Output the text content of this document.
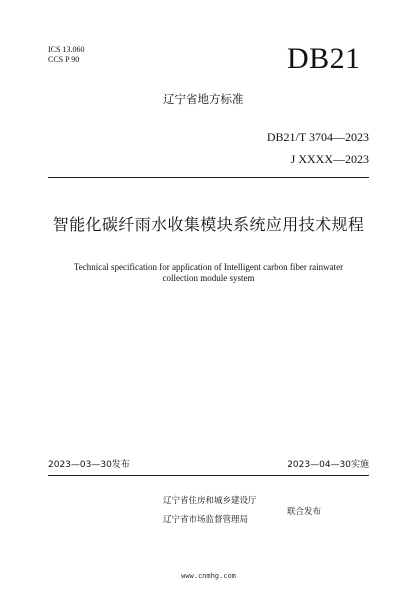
ICS 13.060
CCS P 90	DB21
辽宁省地方标准
DB21/T 3704—2023
J XXXX—2023
智能化碳纤雨水收集模块系统应用技术规程
Technical specification for application of Intelligent carbon fiber rainwater
collection module system
2023—03—30发布	2023—04—30实施
辽宁省住房和城乡建设厅
辽宁省市场监督管理局
联合发布
www.cnmhg.com
